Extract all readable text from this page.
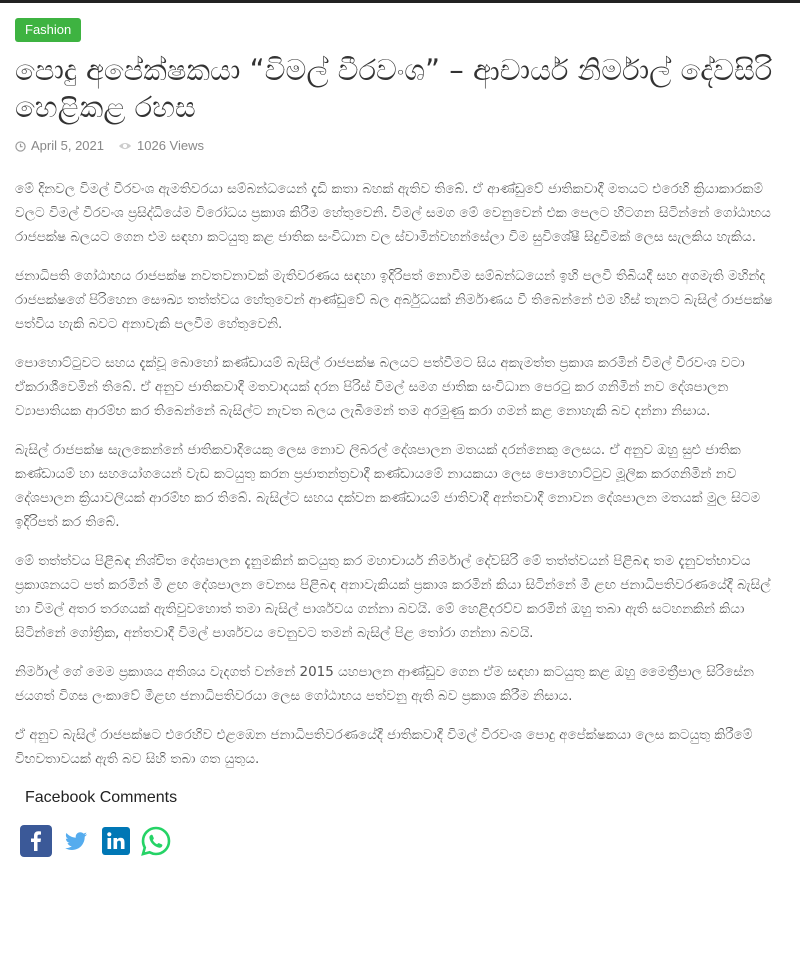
Fashion
පොදු අපේක්ෂකයා “විමල් වීරවංශ” – ආචාර්ය නිර්මාල් දේවසිරි හෙළිකළ රහස
April 5, 2021	1026 Views

මේ දිනවල විමල් වීරවංශ ඇමතිවරයා සම්බන්ධයෙන් දැඩි කතා බහක් ඇතිව තිබේ. ඒ ආණ්ඩුවේ ජාතිකවාදී මතයට එරෙහි ක්‍රියාකාරකම් වලට විමල් වීරවංශ ප්‍රසිද්ධියේම විරෝධය ප්‍රකාශ කිරීම හේතුවෙනි. විමල් සමග මේ වෙනුවෙන් එක පෙලට හිටගන සිටින්නේ ගෝඨාභය රාජපක්ෂ බලයට ගෙන එම සඳහා කටයුතු කළ ජාතික සංවිධාන වල ස්වාමින්වහන්සේලා විම සුවිශේෂී සිදුවීමක් ලෙස සැලකිය හැකිය.

ජනාධිපති ගෝඨාභය රාජපක්ෂ නවතවනාවක් මැතිවරණය සඳහා ඉදිරිපත් නොවීම සම්බන්ධයෙන් ඉහි පලවී තිබියදී සහ අගමැති මහින්ද රාජපක්ෂගේ පිරිහෙන සෞඛ්‍ය තත්ත්වය හේතුවෙන් ආණ්ඩුවේ බල අර්බුධයක් නිර්මාණය වී තිබෙන්නේ එම හිස් තැනට බැසිල් රාජපක්ෂ පත්විය හැකි බවට අනාවැකි පලවීම හේතුවෙනි.

පොහොට්ටුවට සහය දැක්වූ බොහෝ කණ්ඩායම් බැසිල් රාජපක්ෂ බලයට පත්වීමට සිය අකැමත්ත ප්‍රකාශ කරමින් විමල් වීරවංශ වටා ඒකරාශීවෙමින් තිබේ. ඒ අනුව ජාතිකවාදී මතවාදයක් දරන පිරිස් විමල් සමග ජාතික සංවිධාන පෙරටු කර ගනිමින් නව දේශපාලන ව්‍යාපාතියක ආරම්භ කර තිබෙන්නේ බැසිල්ට නැවත බලය ලැබීමෙන් තම අරමුණු කරා ගමන් කළ නොහැකි බව දන්නා නිසාය.

බැසිල් රාජපක්ෂ සැලකෙන්නේ ජාතිකවාදියෙකු ලෙස නොව ලිබරල් දේශපාලන මතයක් දරන්නෙකු ලෙසය. ඒ අනුව ඔහු සුළු ජාතික කණ්ඩායම් හා සහයෝගයෙන් වැඩ කටයුතු කරන ප්‍රජාතන්ත්‍රවාදී කණ්ඩායමේ නායකයා ලෙස පොහොට්ටුව මූලික කරගනිමින් නව දේශපාලන ක්‍රියාවලියක් ආරම්භ කර තිබේ. බැසිල්ට සහය දක්වන කණ්ඩායම් ජාතිවාදී අන්තවාදී නොවන දේශපාලන මතයක් මුල සිටම ඉදිරිපත් කර තිබේ.

මේ තත්ත්වය පිළිබඳ නිශ්චිත දේශපාලන දැනුමකින් කටයුතු කර මහාචාර්ය නිර්මාල් දේවසිරි මේ තත්ත්වයන් පිළිබඳ තම දැනුවත්භාවය ප්‍රකාශනයට පත් කරමින් මී ළඟ දේශපාලන වෙනස පිළිබඳ අනාවැකියක් ප්‍රකාශ කරමින් කියා සිටින්නේ මී ළඟ ජනාධිපතිවරණයේදී බැසිල් හා විමල් අතර තරගයක් ඇතිවුවහොත් තමා බැසිල් පාර්ශවය ගන්නා බවයි. මේ හෙළිදරව්ව කරමින් ඔහු තබා ඇති සටහනකින් කියා සිටින්නේ ගෝත්‍රික, අන්තවාදී විමල් පාර්ශවය වෙනුවට තමන් බැසිල් පිළ තෝරා ගන්නා බවයි.

නිර්මාල් ගේ මෙම ප්‍රකාශය අතිශය වැදගත් වන්නේ 2015 යහපාලන ආණ්ඩුව ගෙන ඒම සඳහා කටයුතු කළ ඔහු මෛත්‍රීපාල සිරිසේන ජයගත් විගස ලංකාවේ මීළඟ ජනාධිපතිවරයා ලෙස ගෝඨාභය පත්වනු ඇති බව ප්‍රකාශ කිරීම නිසාය.

ඒ අනුව බැසිල් රාජපක්ෂට එරෙහිව එළඹෙන ජනාධිපතිවරණයේදී ජාතිකවාදී විමල් වීරවංශ පොදු අපේක්ෂකයා ලෙස කටයුතු කිරීමේ විභවතාවයක් ඇති බව සිහි තබා ගත යුතුය.

Facebook Comments
